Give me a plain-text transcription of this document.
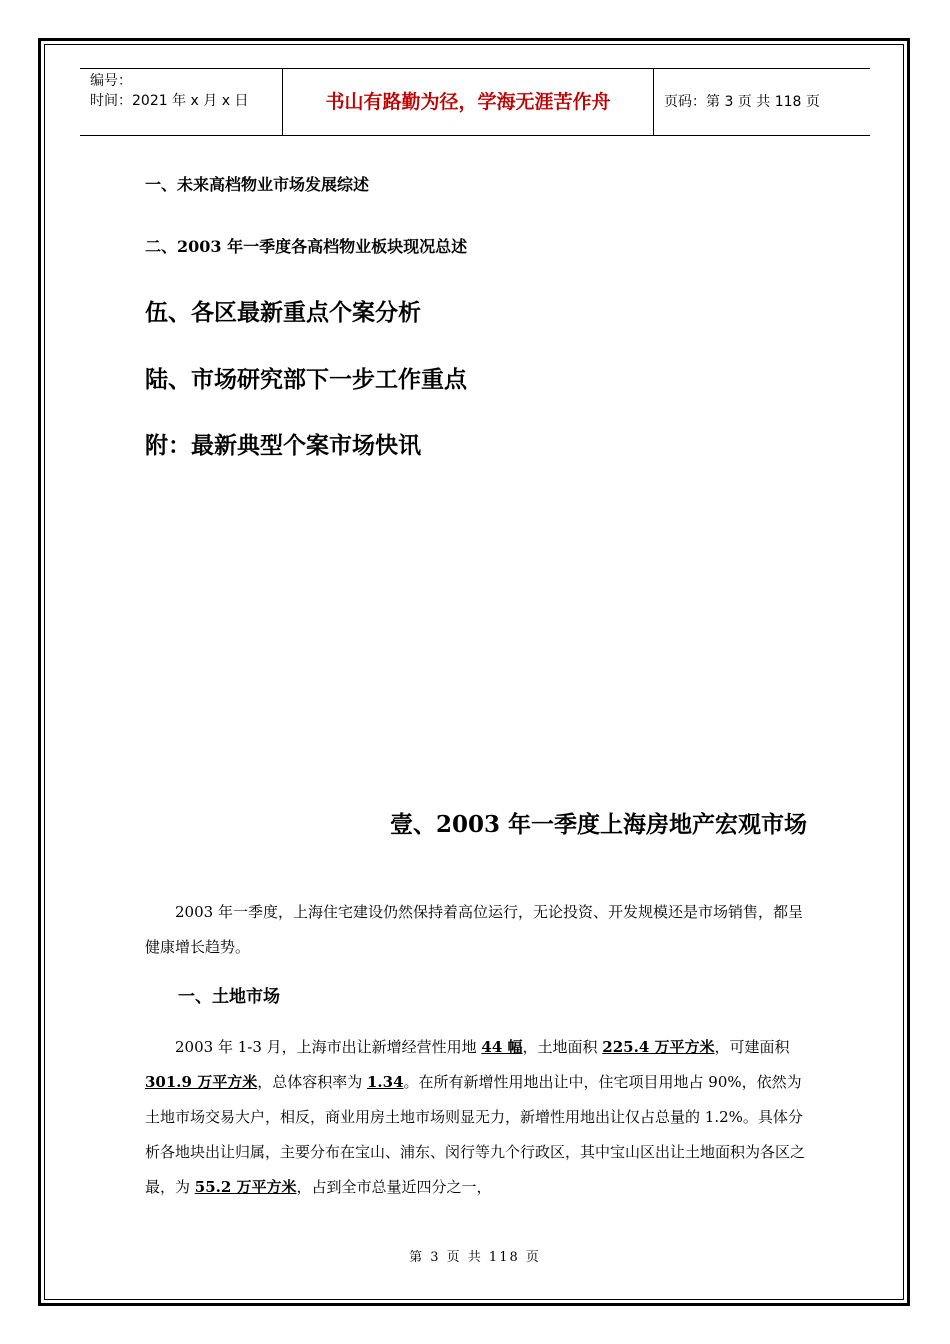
编号：
时间：2021 年 x 月 x 日	书山有路勤为径，学海无涯苦作舟	页码：第 3 页 共 118 页
一、未来高档物业市场发展综述
二、2003 年一季度各高档物业板块现况总述
伍、各区最新重点个案分析
陆、市场研究部下一步工作重点
附：最新典型个案市场快讯
壹、2003 年一季度上海房地产宏观市场
2003 年一季度，上海住宅建设仍然保持着高位运行，无论投资、开发规模还是市场销售，都呈健康增长趋势。
一、土地市场
2003 年 1-3 月，上海市出让新增经营性用地 44 幅，土地面积 225.4 万平方米，可建面积 301.9 万平方米，总体容积率为 1.34。在所有新增性用地出让中，住宅项目用地占 90%，依然为土地市场交易大户，相反，商业用房土地市场则显无力，新增性用地出让仅占总量的 1.2%。具体分析各地块出让归属，主要分布在宝山、浦东、闵行等九个行政区，其中宝山区出让土地面积为各区之最，为 55.2 万平方米，占到全市总量近四分之一，
第 3 页 共 118 页
